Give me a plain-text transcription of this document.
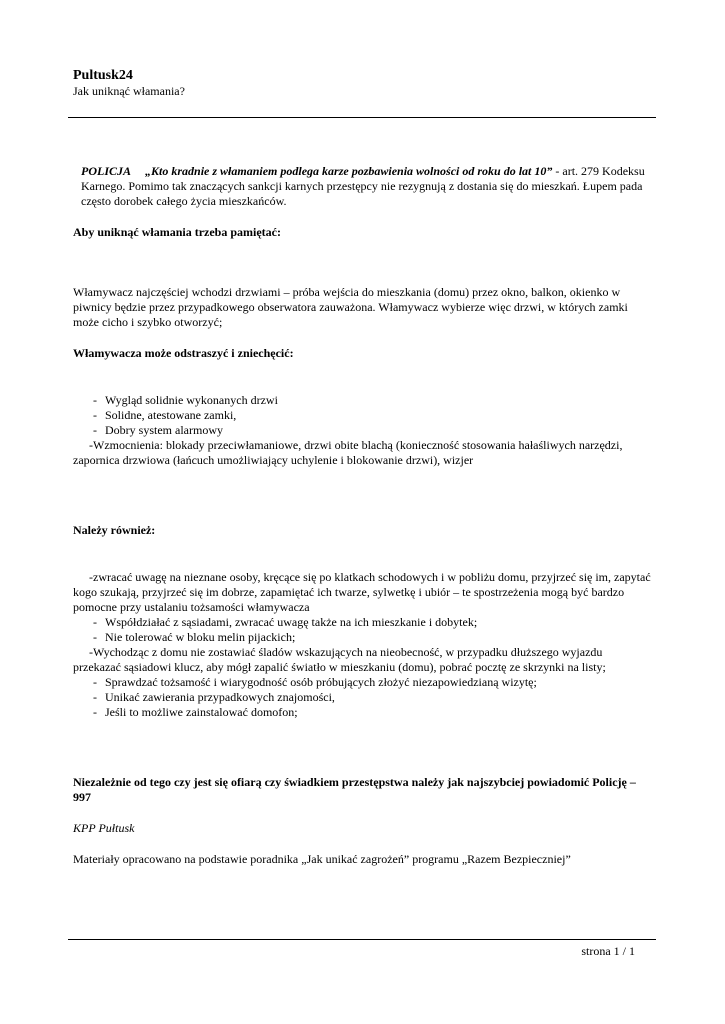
Pultusk24
Jak uniknąć włamania?

POLICJA „Kto kradnie z włamaniem podlega karze pozbawienia wolności od roku do lat 10” - art. 279 Kodeksu Karnego. Pomimo tak znaczących sankcji karnych przestępcy nie rezygnują z dostania się do mieszkań. Łupem pada często dorobek całego życia mieszkańców.

Aby uniknąć włamania trzeba pamiętać:

Włamywacz najczęściej wchodzi drzwiami – próba wejścia do mieszkania (domu) przez okno, balkon, okienko w piwnicy będzie przez przypadkowego obserwatora zauważona. Włamywacz wybierze więc drzwi, w których zamki może cicho i szybko otworzyć;

Włamywacza może odstraszyć i zniechęcić:

- Wygląd solidnie wykonanych drzwi
- Solidne, atestowane zamki,
- Dobry system alarmowy
- Wzmocnienia: blokady przeciwłamaniowe, drzwi obite blachą (konieczność stosowania hałaśliwych narzędzi, zapornica drzwiowa (łańcuch umożliwiający uchylenie i blokowanie drzwi), wizjer

Należy również:

- zwracać uwagę na nieznane osoby, kręcące się po klatkach schodowych i w pobliżu domu, przyjrzeć się im, zapytać kogo szukają, przyjrzeć się im dobrze, zapamiętać ich twarze, sylwetkę i ubiór – te spostrzeżenia mogą być bardzo pomocne przy ustalaniu tożsamości włamywacza
- Współdziałać z sąsiadami, zwracać uwagę także na ich mieszkanie i dobytek;
- Nie tolerować w bloku melin pijackich;
- Wychodząc z domu nie zostawiać śladów wskazujących na nieobecność, w przypadku dłuższego wyjazdu przekazać sąsiadowi klucz, aby mógł zapalić światło w mieszkaniu (domu), pobrać pocztę ze skrzynki na listy;
- Sprawdzać tożsamość i wiarygodność osób próbujących złożyć niezapowiedzianą wizytę;
- Unikać zawierania przypadkowych znajomości,
- Jeśli to możliwe zainstalować domofon;

Niezależnie od tego czy jest się ofiarą czy świadkiem przestępstwa należy jak najszybciej powiadomić Policję – 997

KPP Pułtusk

Materiały opracowano na podstawie poradnika „Jak unikać zagrożeń” programu „Razem Bezpieczniej”

strona 1 / 1
